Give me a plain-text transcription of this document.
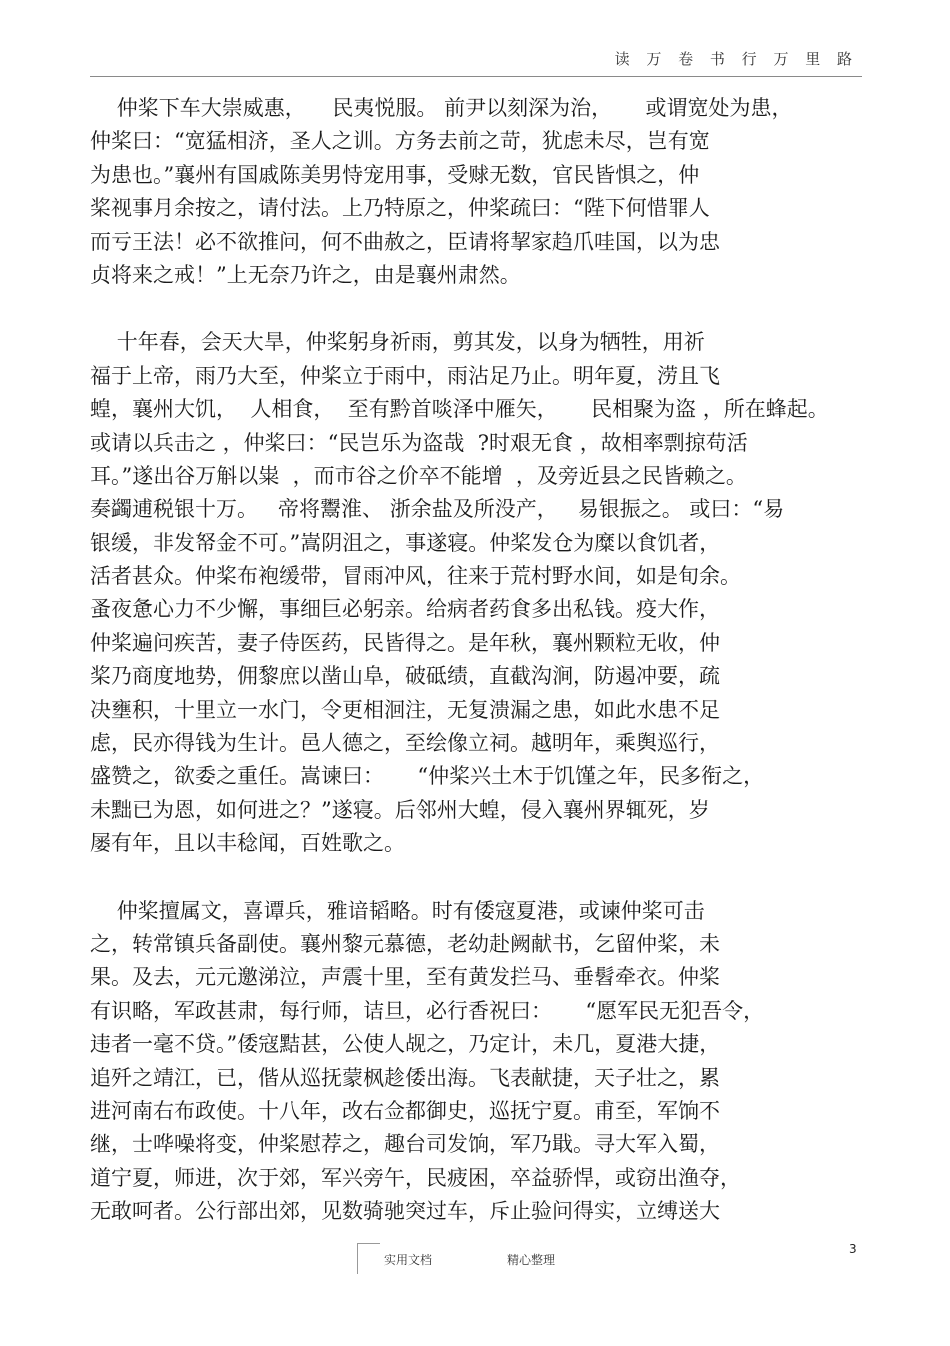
读 万 卷 书 行 万 里 路
仲桨下车大崇威惠，    民夷悦服。 前尹以刻深为治，     或谓宽处为患，
仲桨曰：“宽猛相济，圣人之训。方务去前之苛，犹虑未尽，岂有宽
为患也。”襄州有国戚陈美男恃宠用事，受赇无数，官民皆惧之，仲
桨视事月余按之，请付法。上乃特原之，仲桨疏曰：“陛下何惜罪人
而亏王法！必不欲推问，何不曲赦之，臣请将挈家趋爪哇国，以为忠
贞将来之戒！”上无奈乃许之，由是襄州肃然。
十年春，会天大旱，仲桨躬身祈雨，剪其发，以身为牺牲，用祈
福于上帝，雨乃大至，仲桨立于雨中，雨沾足乃止。明年夏，涝且飞
蝗，襄州大饥，  人相食，  至有黔首啖泽中雁矢，     民相聚为盗 ，所在蜂起。
或请以兵击之 ，仲桨曰：“民岂乐为盗哉  ?时艰无食 ，故相率剽掠苟活
耳。”遂出谷万斛以粜  ，而市谷之价卒不能增  ，及旁近县之民皆赖之。
奏蠲逋税银十万。   帝将鬻淮、 浙余盐及所没产，   易银振之。 或曰：“易
银缓，非发帑金不可。”嵩阴沮之，事遂寝。仲桨发仓为糜以食饥者，
活者甚众。仲桨布袍缓带，冒雨冲风，往来于荒村野水间，如是旬余。
蚤夜惫心力不少懈，事细巨必躬亲。给病者药食多出私钱。疫大作，
仲桨遍问疾苦，妻子侍医药，民皆得之。是年秋，襄州颗粒无收，仲
桨乃商度地势，佣黎庶以凿山阜，破砥绩，直截沟涧，防遏冲要，疏
决壅积，十里立一水门，令更相洄注，无复溃漏之患，如此水患不足
虑，民亦得钱为生计。邑人德之，至绘像立祠。越明年，乘舆巡行，
盛赞之，欲委之重任。嵩谏曰：     “仲桨兴土木于饥馑之年，民多衔之，
未黜已为恩，如何进之？”遂寝。后邻州大蝗，侵入襄州界辄死，岁
屡有年，且以丰稔闻，百姓歌之。
仲桨擅属文，喜谭兵，雅谙韬略。时有倭寇夏港，或谏仲桨可击
之，转常镇兵备副使。襄州黎元慕德，老幼赴阙献书，乞留仲桨，未
果。及去，元元邀涕泣，声震十里，至有黄发拦马、垂髫牵衣。仲桨
有识略，军政甚肃，每行师，诘旦，必行香祝曰：     “愿军民无犯吾令，
违者一毫不贷。”倭寇黠甚，公使人觇之，乃定计，未几，夏港大捷，
追歼之靖江，已，偕从巡抚蒙枫趁倭出海。飞表献捷，天子壮之，累
进河南右布政使。十八年，改右佥都御史，巡抚宁夏。甫至，军饷不
继，士哗噪将变，仲桨慰荐之，趣台司发饷，军乃戢。寻大军入蜀，
道宁夏，师进，次于郊，军兴旁午，民疲困，卒益骄悍，或窃出渔夺，
无敢呵者。公行部出郊，见数骑驰突过车，斥止验问得实，立缚送大
实用文档	精心整理
3
